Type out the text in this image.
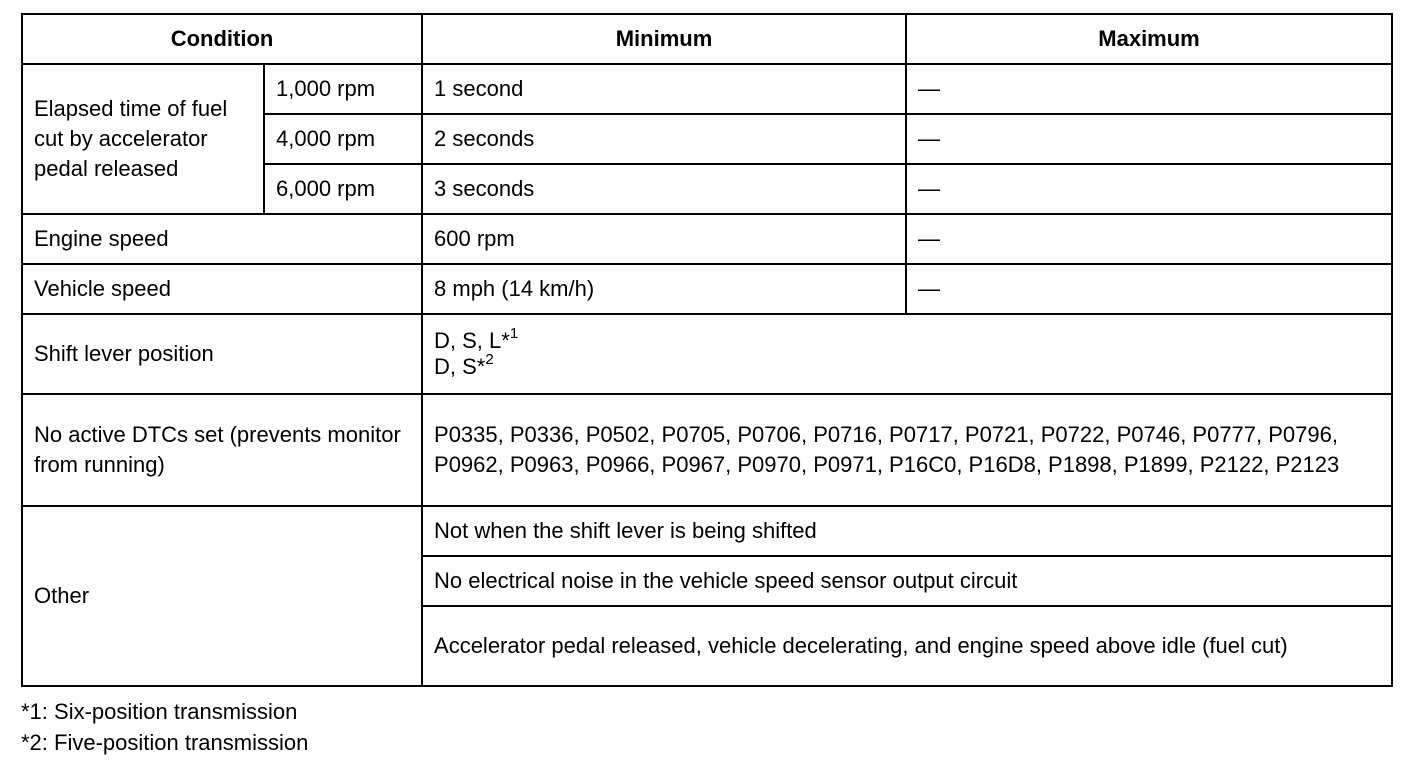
Condition		Minimum	Maximum
Elapsed time of fuel cut by accelerator pedal released	1,000 rpm	1 second	—
	4,000 rpm	2 seconds	—
	6,000 rpm	3 seconds	—
Engine speed		600 rpm	—
Vehicle speed		8 mph (14 km/h)	—
Shift lever position		D, S, L*$^1$
D, S*$^2$

No active DTCs set (prevents monitor from running)		P0335, P0336, P0502, P0705, P0706, P0716, P0717, P0721, P0722, P0746, P0777, P0796, P0962, P0963, P0966, P0967, P0970, P0971, P16C0, P16D8, P1898, P1899, P2122, P2123	
Other		Not when the shift lever is being shifted	
		No electrical noise in the vehicle speed sensor output circuit	
		Accelerator pedal released, vehicle decelerating, and engine speed above idle (fuel cut)	
*1: Six-position transmission
*2: Five-position transmission
